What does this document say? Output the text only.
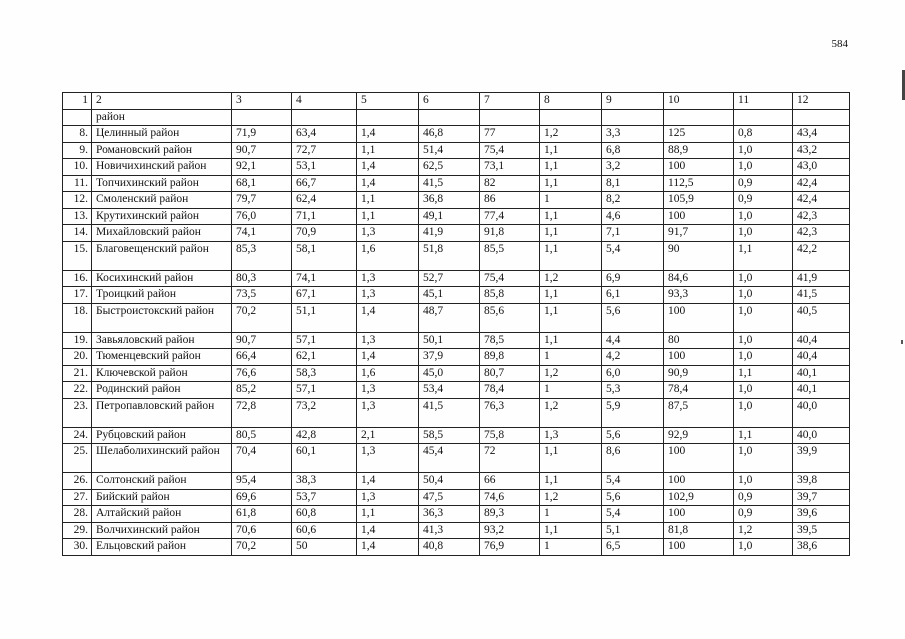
584
1	2	3	4	5	6	7	8	9	10	11	12
	район										
8.	Целинный район	71,9	63,4	1,4	46,8	77	1,2	3,3	125	0,8	43,4
9.	Романовский район	90,7	72,7	1,1	51,4	75,4	1,1	6,8	88,9	1,0	43,2
10.	Новичихинский район	92,1	53,1	1,4	62,5	73,1	1,1	3,2	100	1,0	43,0
11.	Топчихинский район	68,1	66,7	1,4	41,5	82	1,1	8,1	112,5	0,9	42,4
12.	Смоленский район	79,7	62,4	1,1	36,8	86	1	8,2	105,9	0,9	42,4
13.	Крутихинский район	76,0	71,1	1,1	49,1	77,4	1,1	4,6	100	1,0	42,3
14.	Михайловский район	74,1	70,9	1,3	41,9	91,8	1,1	7,1	91,7	1,0	42,3
15.	Благовещенский район	85,3	58,1	1,6	51,8	85,5	1,1	5,4	90	1,1	42,2
16.	Косихинский район	80,3	74,1	1,3	52,7	75,4	1,2	6,9	84,6	1,0	41,9
17.	Троицкий район	73,5	67,1	1,3	45,1	85,8	1,1	6,1	93,3	1,0	41,5
18.	Быстроистокский район	70,2	51,1	1,4	48,7	85,6	1,1	5,6	100	1,0	40,5
19.	Завьяловский район	90,7	57,1	1,3	50,1	78,5	1,1	4,4	80	1,0	40,4
20.	Тюменцевский район	66,4	62,1	1,4	37,9	89,8	1	4,2	100	1,0	40,4
21.	Ключевской район	76,6	58,3	1,6	45,0	80,7	1,2	6,0	90,9	1,1	40,1
22.	Родинский район	85,2	57,1	1,3	53,4	78,4	1	5,3	78,4	1,0	40,1
23.	Петропавловский район	72,8	73,2	1,3	41,5	76,3	1,2	5,9	87,5	1,0	40,0
24.	Рубцовский район	80,5	42,8	2,1	58,5	75,8	1,3	5,6	92,9	1,1	40,0
25.	Шелаболихинский район	70,4	60,1	1,3	45,4	72	1,1	8,6	100	1,0	39,9
26.	Солтонский район	95,4	38,3	1,4	50,4	66	1,1	5,4	100	1,0	39,8
27.	Бийский район	69,6	53,7	1,3	47,5	74,6	1,2	5,6	102,9	0,9	39,7
28.	Алтайский район	61,8	60,8	1,1	36,3	89,3	1	5,4	100	0,9	39,6
29.	Волчихинский район	70,6	60,6	1,4	41,3	93,2	1,1	5,1	81,8	1,2	39,5
30.	Ельцовский район	70,2	50	1,4	40,8	76,9	1	6,5	100	1,0	38,6
